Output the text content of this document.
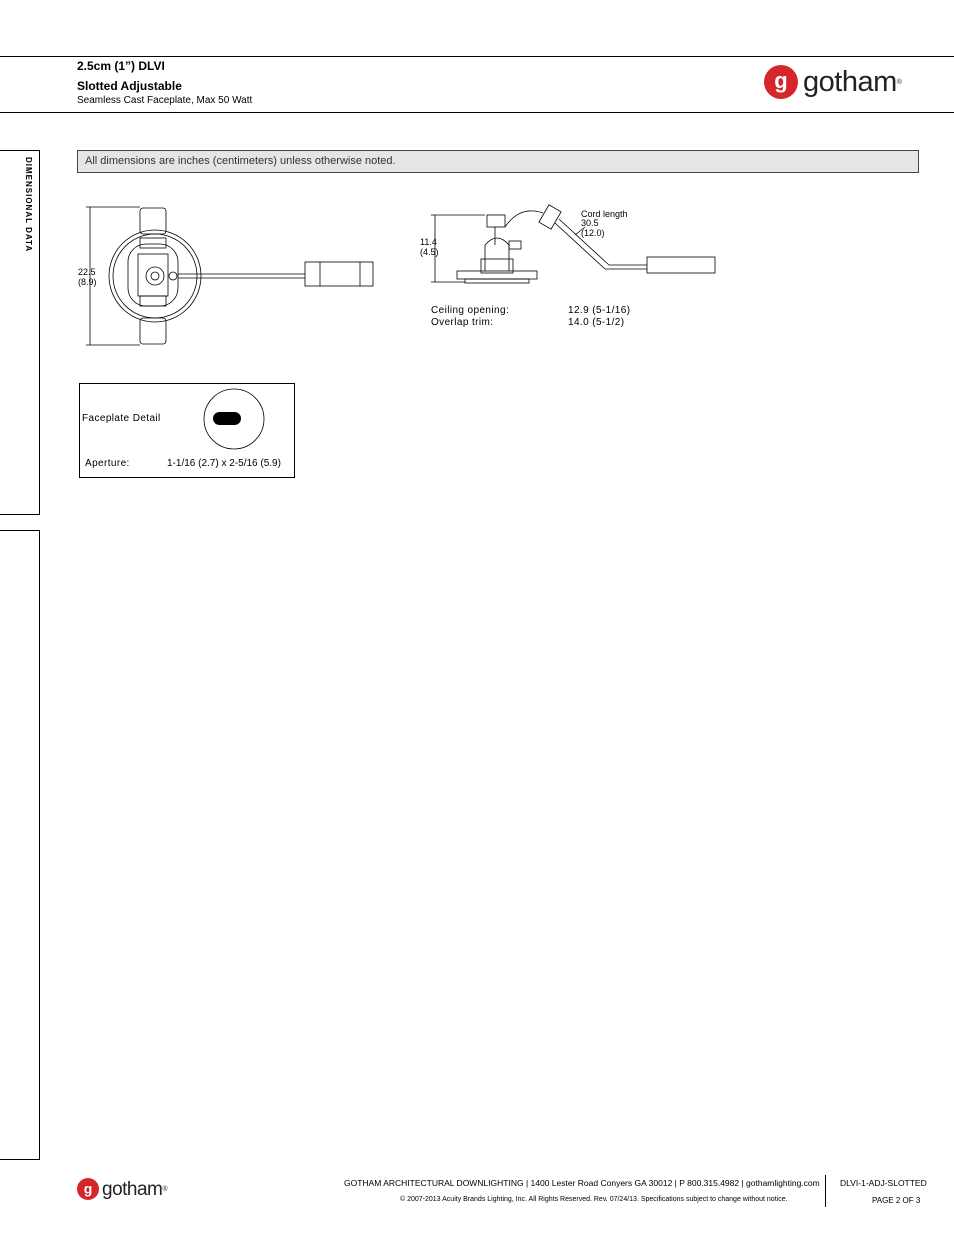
2.5cm (1”) DLVI
Slotted Adjustable
Seamless Cast Faceplate, Max 50 Watt
g gotham ®
DIMENSIONAL DATA	All dimensions are inches (centimeters) unless otherwise noted.
22.5
(8.9)
11.4
(4.5)
Cord length
30.5
(12.0)
Ceiling opening:	12.9 (5-1/16)
Overlap trim:	14.0 (5-1/2)
Faceplate Detail
Aperture:	1-1/16 (2.7) x 2-5/16 (5.9)
g gotham ®
GOTHAM ARCHITECTURAL DOWNLIGHTING | 1400 Lester Road Conyers GA 30012 | P 800.315.4982 | gothamlighting.com
© 2007-2013 Acuity Brands Lighting, Inc. All Rights Reserved. Rev. 07/24/13. Specifications subject to change without notice.
DLVI-1-ADJ-SLOTTED
PAGE 2 OF 3
